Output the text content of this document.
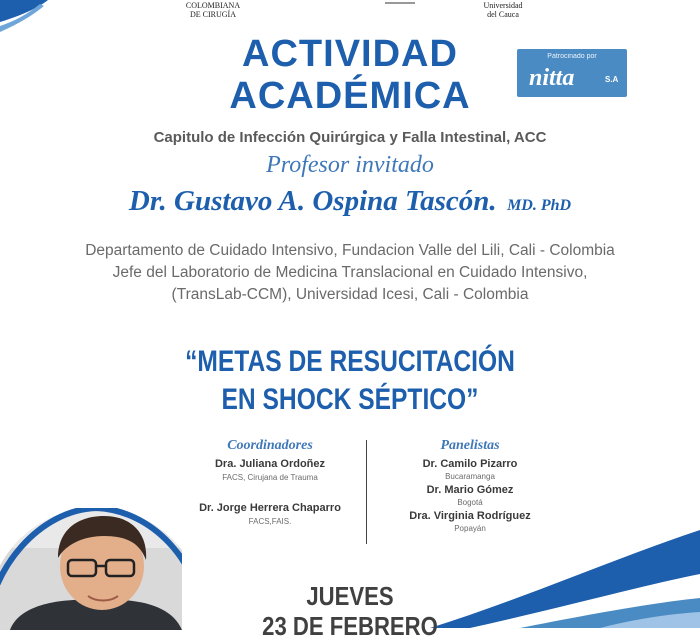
COLOMBIANA
DE CIRUGÍA
Universidad
del Cauca
ACTIVIDAD
ACADÉMICA
Patrocinado por
nitta	S.A
Capitulo de Infección Quirúrgica y Falla Intestinal, ACC
Profesor invitado
Dr. Gustavo A. Ospina Tascón. MD. PhD
Departamento de Cuidado Intensivo, Fundacion Valle del Lili, Cali - Colombia
Jefe del Laboratorio de Medicina Translacional en Cuidado Intensivo,
(TransLab-CCM), Universidad Icesi, Cali - Colombia
“METAS DE RESUCITACIÓN
EN SHOCK SÉPTICO”
Coordinadores
Dra. Juliana Ordoñez
FACS, Cirujana de Trauma
Dr. Jorge Herrera Chaparro
FACS,FAIS.
Panelistas
Dr. Camilo Pizarro
Bucaramanga
Dr. Mario Gómez
Bogotá
Dra. Virginia Rodríguez
Popayán
JUEVES
23 DE FEBRERO
